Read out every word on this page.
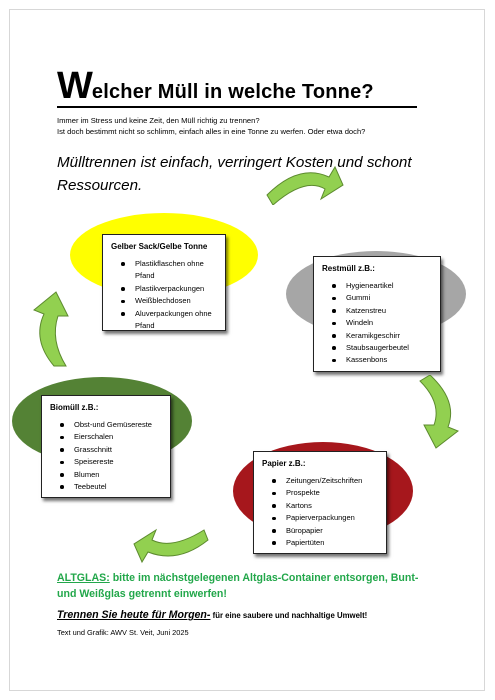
Welcher Müll in welche Tonne?
Immer im Stress und keine Zeit, den Müll richtig zu trennen?
Ist doch bestimmt nicht so schlimm, einfach alles in eine Tonne zu werfen. Oder etwa doch?
Mülltrennen ist einfach, verringert Kosten und schont Ressourcen.
Gelber Sack/Gelbe Tonne
Plastikflaschen ohne Pfand
Plastikverpackungen
Weißblechdosen
Aluverpackungen ohne Pfand
Restmüll z.B.:
Hygieneartikel
Gummi
Katzenstreu
Windeln
Keramikgeschirr
Staubsaugerbeutel
Kassenbons
Biomüll z.B.:
Obst-und Gemüsereste
Eierschalen
Grasschnitt
Speisereste
Blumen
Teebeutel
Papier z.B.:
Zeitungen/Zeitschriften
Prospekte
Kartons
Papierverpackungen
Büropapier
Papiertüten
ALTGLAS: bitte im nächstgelegenen Altglas-Container entsorgen, Bunt- und Weißglas getrennt einwerfen!
Trennen Sie heute für Morgen- für eine saubere und nachhaltige Umwelt!
Text und Grafik: AWV St. Veit, Juni 2025
